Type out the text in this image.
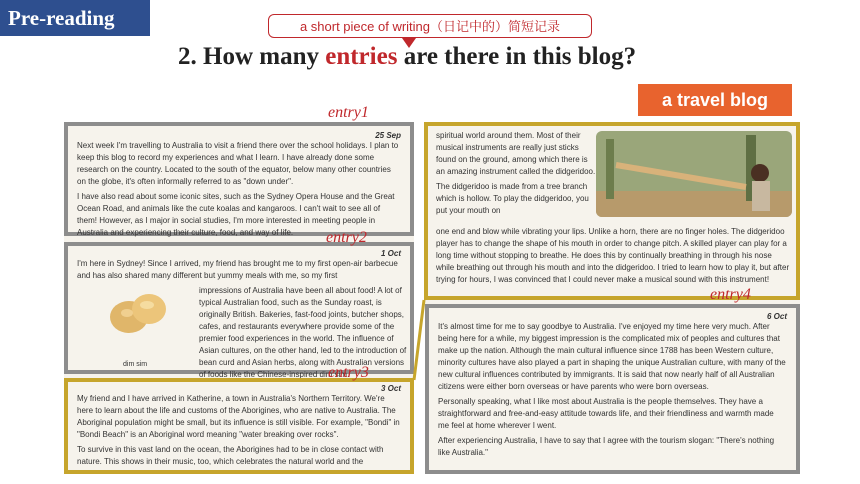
Pre-reading	a short piece of writing（日记中的）简短记录
2. How many entries are there in this blog?
a travel blog
25 Sep

Next week I'm travelling to Australia to visit a friend there over the school holidays. I plan to keep this blog to record my experiences and what I learn. I have already done some research on the country. Located to the south of the equator, below many other countries on the globe, it's often informally referred to as "down under".

I have also read about some iconic sites, such as the Sydney Opera House and the Great Ocean Road, and animals like the cute koalas and kangaroos. I can't wait to see all of them! However, as I major in social studies, I'm more interested in meeting people in Australia and experiencing their culture, food, and way of life.

1 Oct

I'm here in Sydney! Since I arrived, my friend has brought me to my first open-air barbecue and has also shared many different but yummy meals with me, so my first

dim sim

impressions of Australia have been all about food! A lot of typical Australian food, such as the Sunday roast, is originally British. Bakeries, fast-food joints, butcher shops, cafes, and restaurants everywhere provide some of the premier food experiences in the world. The influence of Asian cultures, on the other hand, led to the introduction of bean curd and Asian herbs, along with Australian versions of foods like the Chinese-inspired dim sim.

3 Oct

My friend and I have arrived in Katherine, a town in Australia's Northern Territory. We're here to learn about the life and customs of the Aborigines, who are native to Australia. The Aboriginal population might be small, but its influence is still visible. For example, "Bondi" in "Bondi Beach" is an Aboriginal word meaning "water breaking over rocks".

To survive in this vast land on the ocean, the Aborigines had to be in close contact with nature. This shows in their music, too, which celebrates the natural world and the

spiritual world around them. Most of their musical instruments are really just sticks found on the ground, among which there is an amazing instrument called the didgeridoo.

The didgeridoo is made from a tree branch which is hollow. To play the didgeridoo, you put your mouth on

one end and blow while vibrating your lips. Unlike a horn, there are no finger holes. The didgeridoo player has to change the shape of his mouth in order to change pitch. A skilled player can play for a long time without stopping to breathe. He does this by continually breathing in through his nose while breathing out through his mouth and into the didgeridoo. I tried to learn how to play it, but after trying for hours, I was convinced that I could never make a musical sound with this instrument!

6 Oct

It's almost time for me to say goodbye to Australia. I've enjoyed my time here very much. After being here for a while, my biggest impression is the complicated mix of peoples and cultures that make up the nation. Although the main cultural influence since 1788 has been Western culture, minority cultures have also played a part in shaping the unique Australian culture, with many of the new cultural influences contributed by immigrants. It is said that now nearly half of all Australian citizens were either born overseas or have parents who were born overseas.

Personally speaking, what I like most about Australia is the people themselves. They have a straightforward and free-and-easy attitude towards life, and their friendliness and warmth made me feel at home wherever I went.

After experiencing Australia, I have to say that I agree with the tourism slogan: "There's nothing like Australia."

entry1
entry2
entry3
entry4
